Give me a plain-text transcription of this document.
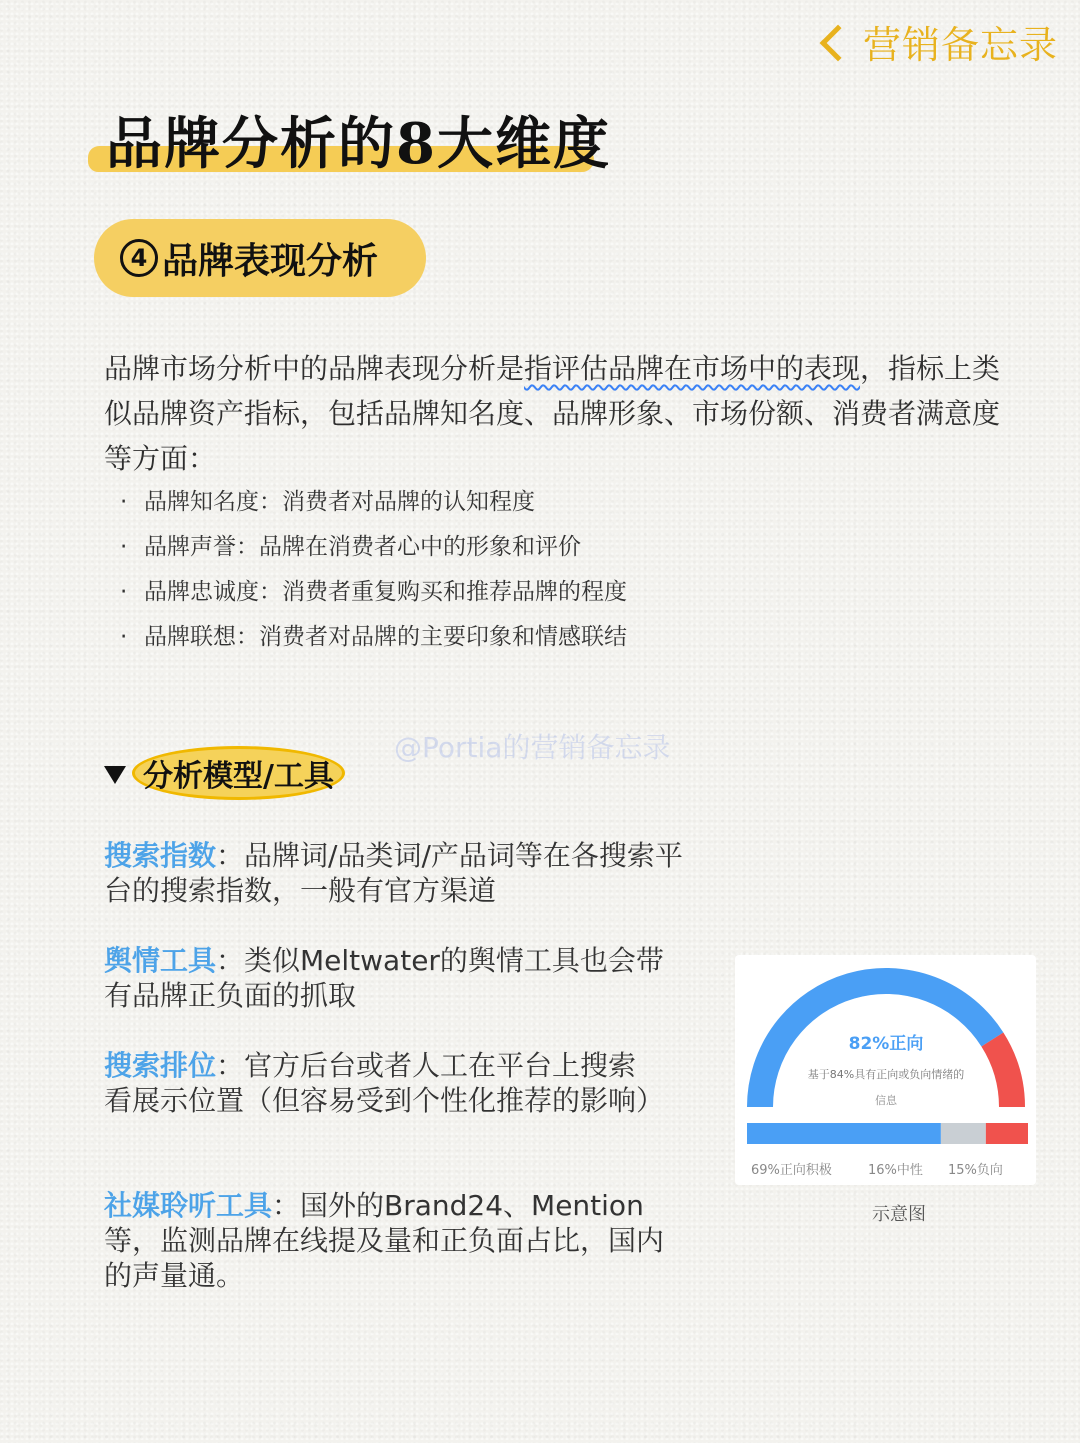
营销备忘录
品牌分析的8大维度
4 品牌表现分析

品牌市场分析中的品牌表现分析是指评估品牌在市场中的表现，指标上类似品牌资产指标，包括品牌知名度、品牌形象、市场份额、消费者满意度等方面：

· 品牌知名度：消费者对品牌的认知程度
· 品牌声誉：品牌在消费者心中的形象和评价
· 品牌忠诚度：消费者重复购买和推荐品牌的程度
· 品牌联想：消费者对品牌的主要印象和情感联结
@Portia的营销备忘录
分析模型/工具

搜索指数：品牌词/品类词/产品词等在各搜索平台的搜索指数，一般有官方渠道

舆情工具：类似Meltwater的舆情工具也会带有品牌正负面的抓取

搜索排位：官方后台或者人工在平台上搜索看展示位置（但容易受到个性化推荐的影响）

社媒聆听工具：国外的Brand24、Mention等，监测品牌在线提及量和正负面占比，国内的声量通。

82%正向
基于84%具有正向或负向情绪的
信息
69%正向积极	16%中性 15%负向
示意图
